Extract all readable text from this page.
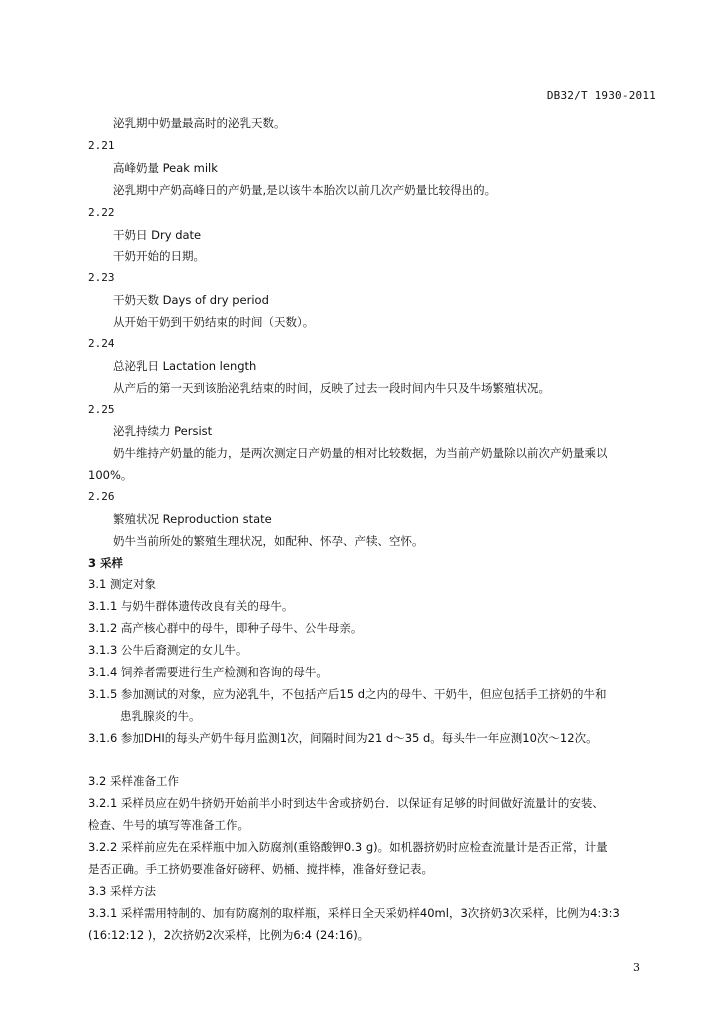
DB32/T 1930-2011
泌乳期中奶量最高时的泌乳天数。
2.21
高峰奶量 Peak milk
泌乳期中产奶高峰日的产奶量,是以该牛本胎次以前几次产奶量比较得出的。
2.22
干奶日 Dry date
干奶开始的日期。
2.23
干奶天数 Days of dry period
从开始干奶到干奶结束的时间（天数）。
2.24
总泌乳日 Lactation length
从产后的第一天到该胎泌乳结束的时间，反映了过去一段时间内牛只及牛场繁殖状况。
2.25
泌乳持续力 Persist
奶牛维持产奶量的能力，是两次测定日产奶量的相对比较数据，为当前产奶量除以前次产奶量乘以
100%。
2.26
繁殖状况 Reproduction state
奶牛当前所处的繁殖生理状况，如配种、怀孕、产犊、空怀。
3 采样
3.1 测定对象
3.1.1 与奶牛群体遗传改良有关的母牛。
3.1.2 高产核心群中的母牛，即种子母牛、公牛母亲。
3.1.3 公牛后裔测定的女儿牛。
3.1.4 饲养者需要进行生产检测和咨询的母牛。
3.1.5 参加测试的对象，应为泌乳牛，不包括产后15 d之内的母牛、干奶牛，但应包括手工挤奶的牛和
患乳腺炎的牛。
3.1.6 参加DHI的每头产奶牛每月监测1次，间隔时间为21 d～35 d。每头牛一年应测10次～12次。
3.2 采样准备工作
3.2.1 采样员应在奶牛挤奶开始前半小时到达牛舍或挤奶台．以保证有足够的时间做好流量计的安装、
检查、牛号的填写等准备工作。
3.2.2 采样前应先在采样瓶中加入防腐剂(重铬酸钾0.3 g)。如机器挤奶时应检查流量计是否正常，计量
是否正确。手工挤奶要准备好磅秤、奶桶、搅拌棒，准备好登记表。
3.3 采样方法
3.3.1 采样需用特制的、加有防腐剂的取样瓶，采样日全天采奶样40ml，3次挤奶3次采样，比例为4:3:3
(16:12:12 )，2次挤奶2次采样，比例为6:4 (24:16)。
3
